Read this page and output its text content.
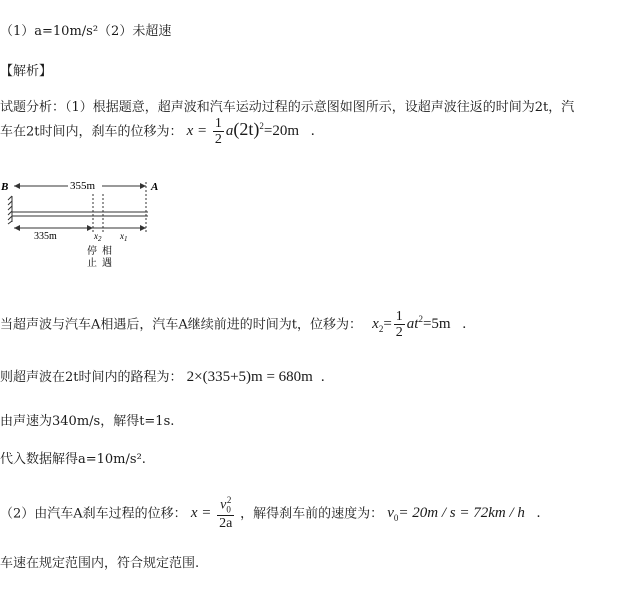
（1）a=10m/s²（2）未超速
【解析】
试题分析：（1）根据题意，超声波和汽车运动过程的示意图如图所示，设超声波往返的时间为2t，汽
车在2t时间内，刹车的位移为： $x = \frac{1}{2} a(2t)^2=20m$ .
B	A
355m
335m	$x_2$ $x_1$
停
止
相
遇
当超声波与汽车A相遇后，汽车A继续前进的时间为t，位移为： $x_2= \frac{1}{2} at^2=5m$ .
则超声波在2t时间内的路程为： 2×(335+5)m = 680m .
由声速为340m/s，解得t=1s.
代入数据解得a=10m/s².
（2）由汽车A刹车过程的位移： $x = \frac{v_0^2}{2a}$ ，解得刹车前的速度为： $v_0= 20m / s = 72km / h$ .
车速在规定范围内，符合规定范围.
